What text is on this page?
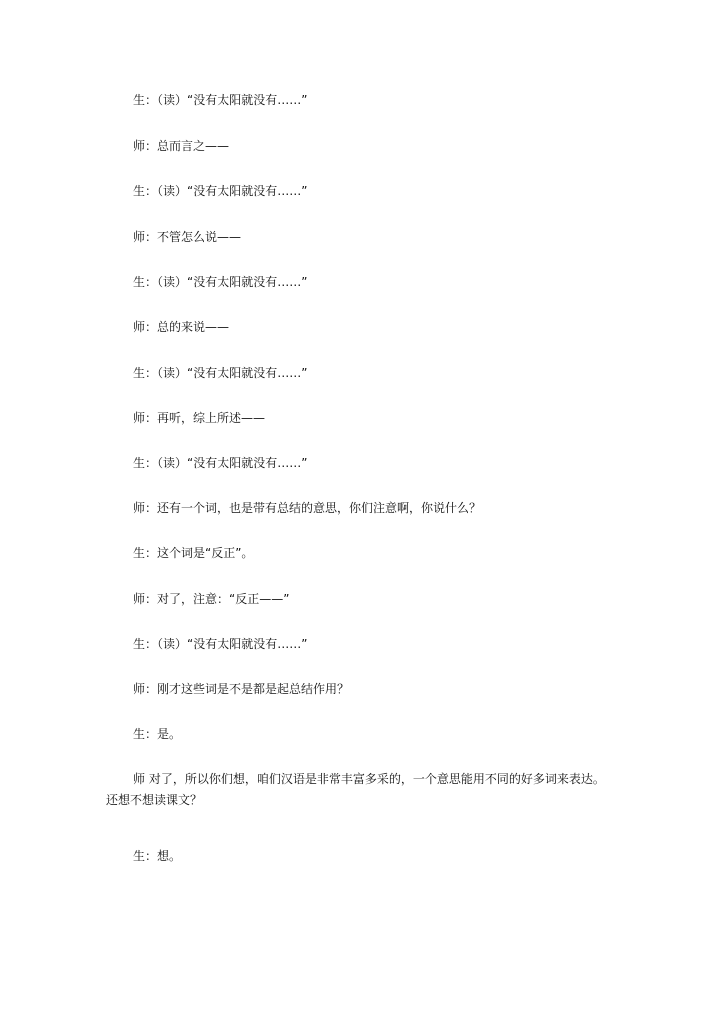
生：（读）“没有太阳就没有……”
师：总而言之——
生：（读）“没有太阳就没有……”
师：不管怎么说——
生：（读）“没有太阳就没有……”
师：总的来说——
生：（读）“没有太阳就没有……”
师：再听，综上所述——
生：（读）“没有太阳就没有……”
师：还有一个词，也是带有总结的意思，你们注意啊，你说什么？
生：这个词是“反正”。
师：对了，注意：“反正——”
生：（读）“没有太阳就没有……”
师：刚才这些词是不是都是起总结作用？
生：是。
师 对了，所以你们想，咱们汉语是非常丰富多采的，一个意思能用不同的好多词来表达。还想不想读课文？
生：想。
